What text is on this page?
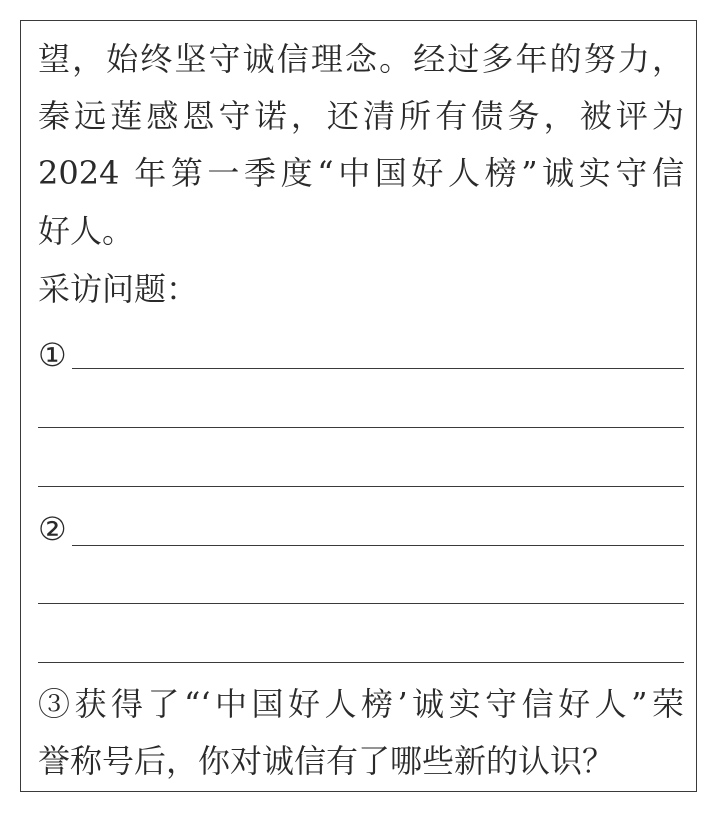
望，始终坚守诚信理念。经过多年的努力，
秦远莲感恩守诺，还清所有债务，被评为
2024 年第一季度“中国好人榜”诚实守信
好人。
采访问题：
①
②
③获得了“‘中国好人榜’诚实守信好人”荣
誉称号后，你对诚信有了哪些新的认识？
